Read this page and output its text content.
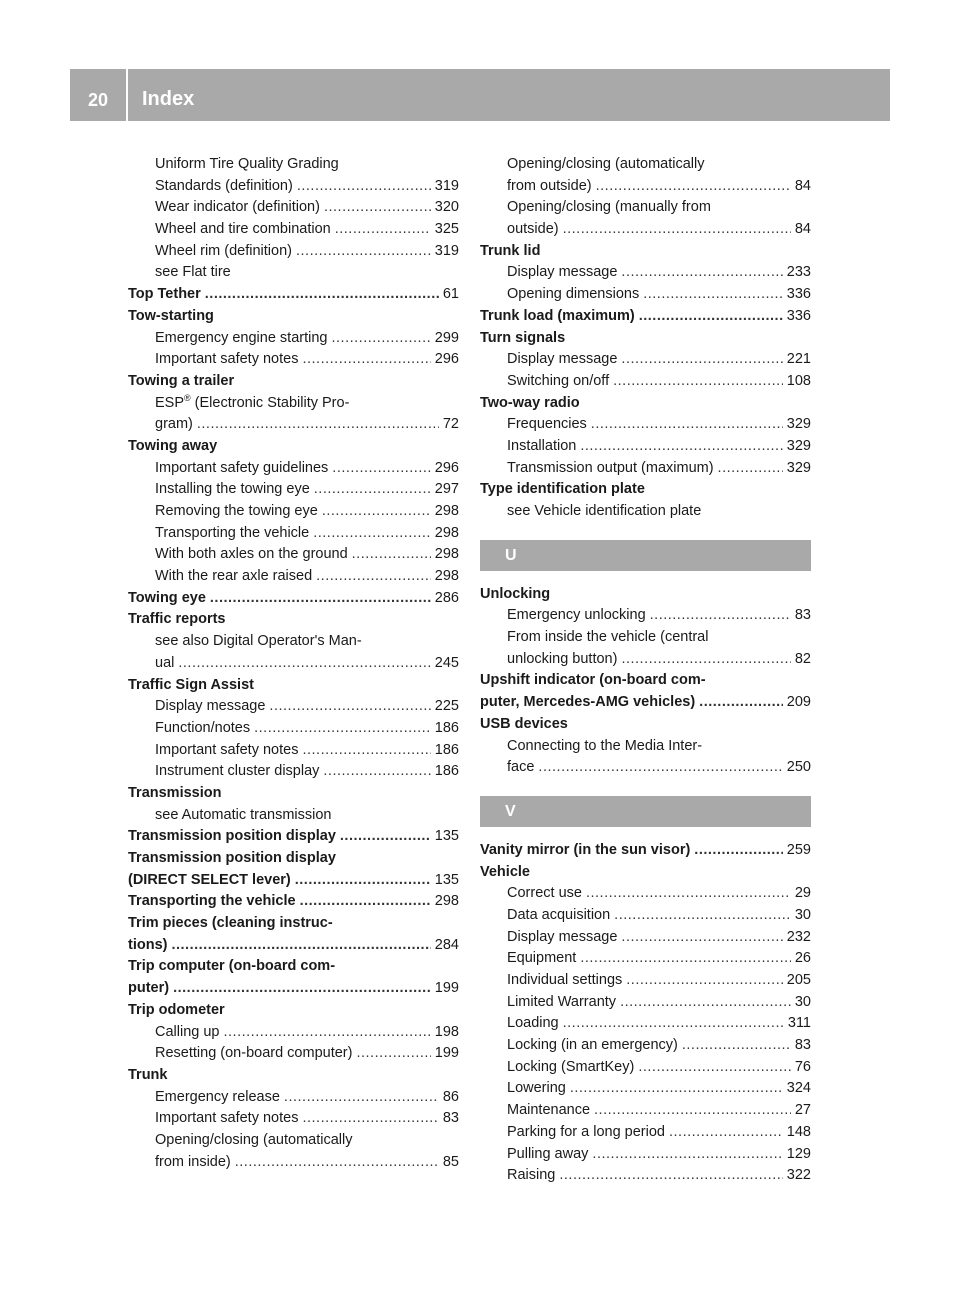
20	Index
Uniform Tire Quality Grading
Standards (definition) .....	319
Wear indicator (definition) .....	320
Wheel and tire combination .....	325
Wheel rim (definition) .....	319
see Flat tire
Top Tether .....	61
Tow-starting
Emergency engine starting .....	299
Important safety notes .....	296
Towing a trailer
ESP® (Electronic Stability Pro-
gram) .....	72
Towing away
Important safety guidelines .....	296
Installing the towing eye .....	297
Removing the towing eye .....	298
Transporting the vehicle .....	298
With both axles on the ground .....	298
With the rear axle raised .....	298
Towing eye .....	286
Traffic reports
see also Digital Operator's Man-
ual .....	245
Traffic Sign Assist
Display message .....	225
Function/notes .....	186
Important safety notes .....	186
Instrument cluster display .....	186
Transmission
see Automatic transmission
Transmission position display .....	135
Transmission position display
(DIRECT SELECT lever) .....	135
Transporting the vehicle .....	298
Trim pieces (cleaning instruc-
tions) .....	284
Trip computer (on-board com-
puter) .....	199
Trip odometer
Calling up .....	198
Resetting (on-board computer) .....	199
Trunk
Emergency release .....	86
Important safety notes .....	83
Opening/closing (automatically
from inside) .....	85
Opening/closing (automatically
from outside) .....	84
Opening/closing (manually from
outside) .....	84
Trunk lid
Display message .....	233
Opening dimensions .....	336
Trunk load (maximum) .....	336
Turn signals
Display message .....	221
Switching on/off .....	108
Two-way radio
Frequencies .....	329
Installation .....	329
Transmission output (maximum) .....	329
Type identification plate
see Vehicle identification plate
U
Unlocking
Emergency unlocking .....	83
From inside the vehicle (central
unlocking button) .....	82
Upshift indicator (on-board com-
puter, Mercedes-AMG vehicles) .....	209
USB devices
Connecting to the Media Inter-
face .....	250
V
Vanity mirror (in the sun visor) .....	259
Vehicle
Correct use .....	29
Data acquisition .....	30
Display message .....	232
Equipment .....	26
Individual settings .....	205
Limited Warranty .....	30
Loading .....	311
Locking (in an emergency) .....	83
Locking (SmartKey) .....	76
Lowering .....	324
Maintenance .....	27
Parking for a long period .....	148
Pulling away .....	129
Raising .....	322
